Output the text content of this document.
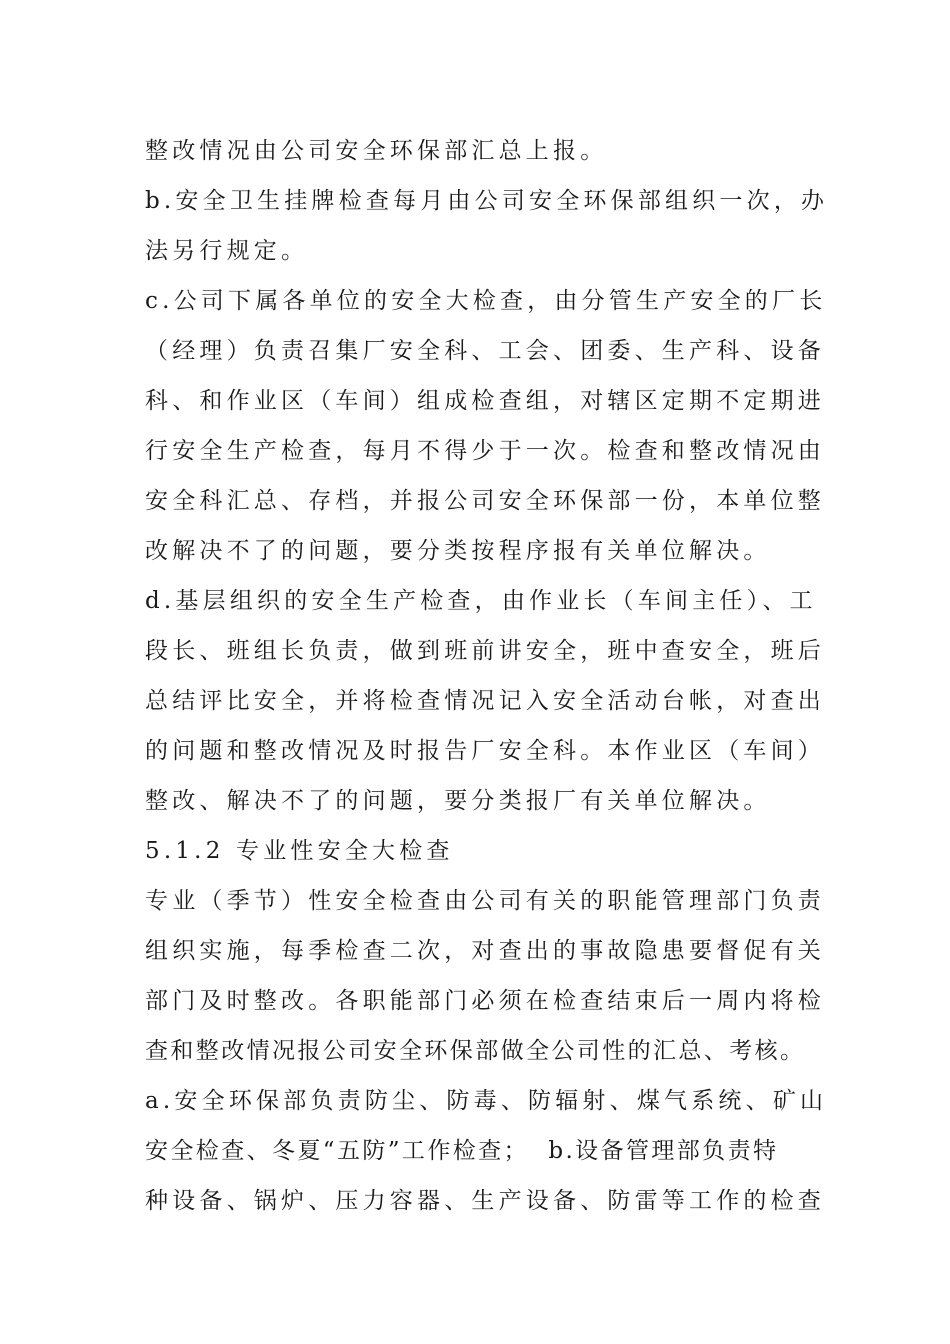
整改情况由公司安全环保部汇总上报。
b.安全卫生挂牌检查每月由公司安全环保部组织一次，办
法另行规定。
c.公司下属各单位的安全大检查，由分管生产安全的厂长
（经理）负责召集厂安全科、工会、团委、生产科、设备
科、和作业区（车间）组成检查组，对辖区定期不定期进
行安全生产检查，每月不得少于一次。检查和整改情况由
安全科汇总、存档，并报公司安全环保部一份，本单位整
改解决不了的问题，要分类按程序报有关单位解决。
d.基层组织的安全生产检查，由作业长（车间主任）、工
段长、班组长负责，做到班前讲安全，班中查安全，班后
总结评比安全，并将检查情况记入安全活动台帐，对查出
的问题和整改情况及时报告厂安全科。本作业区（车间）
整改、解决不了的问题，要分类报厂有关单位解决。
5.1.2 专业性安全大检查
专业（季节）性安全检查由公司有关的职能管理部门负责
组织实施，每季检查二次，对查出的事故隐患要督促有关
部门及时整改。各职能部门必须在检查结束后一周内将检
查和整改情况报公司安全环保部做全公司性的汇总、考核。
a.安全环保部负责防尘、防毒、防辐射、煤气系统、矿山
安全检查、冬夏“五防”工作检查；  b.设备管理部负责特
种设备、锅炉、压力容器、生产设备、防雷等工作的检查
